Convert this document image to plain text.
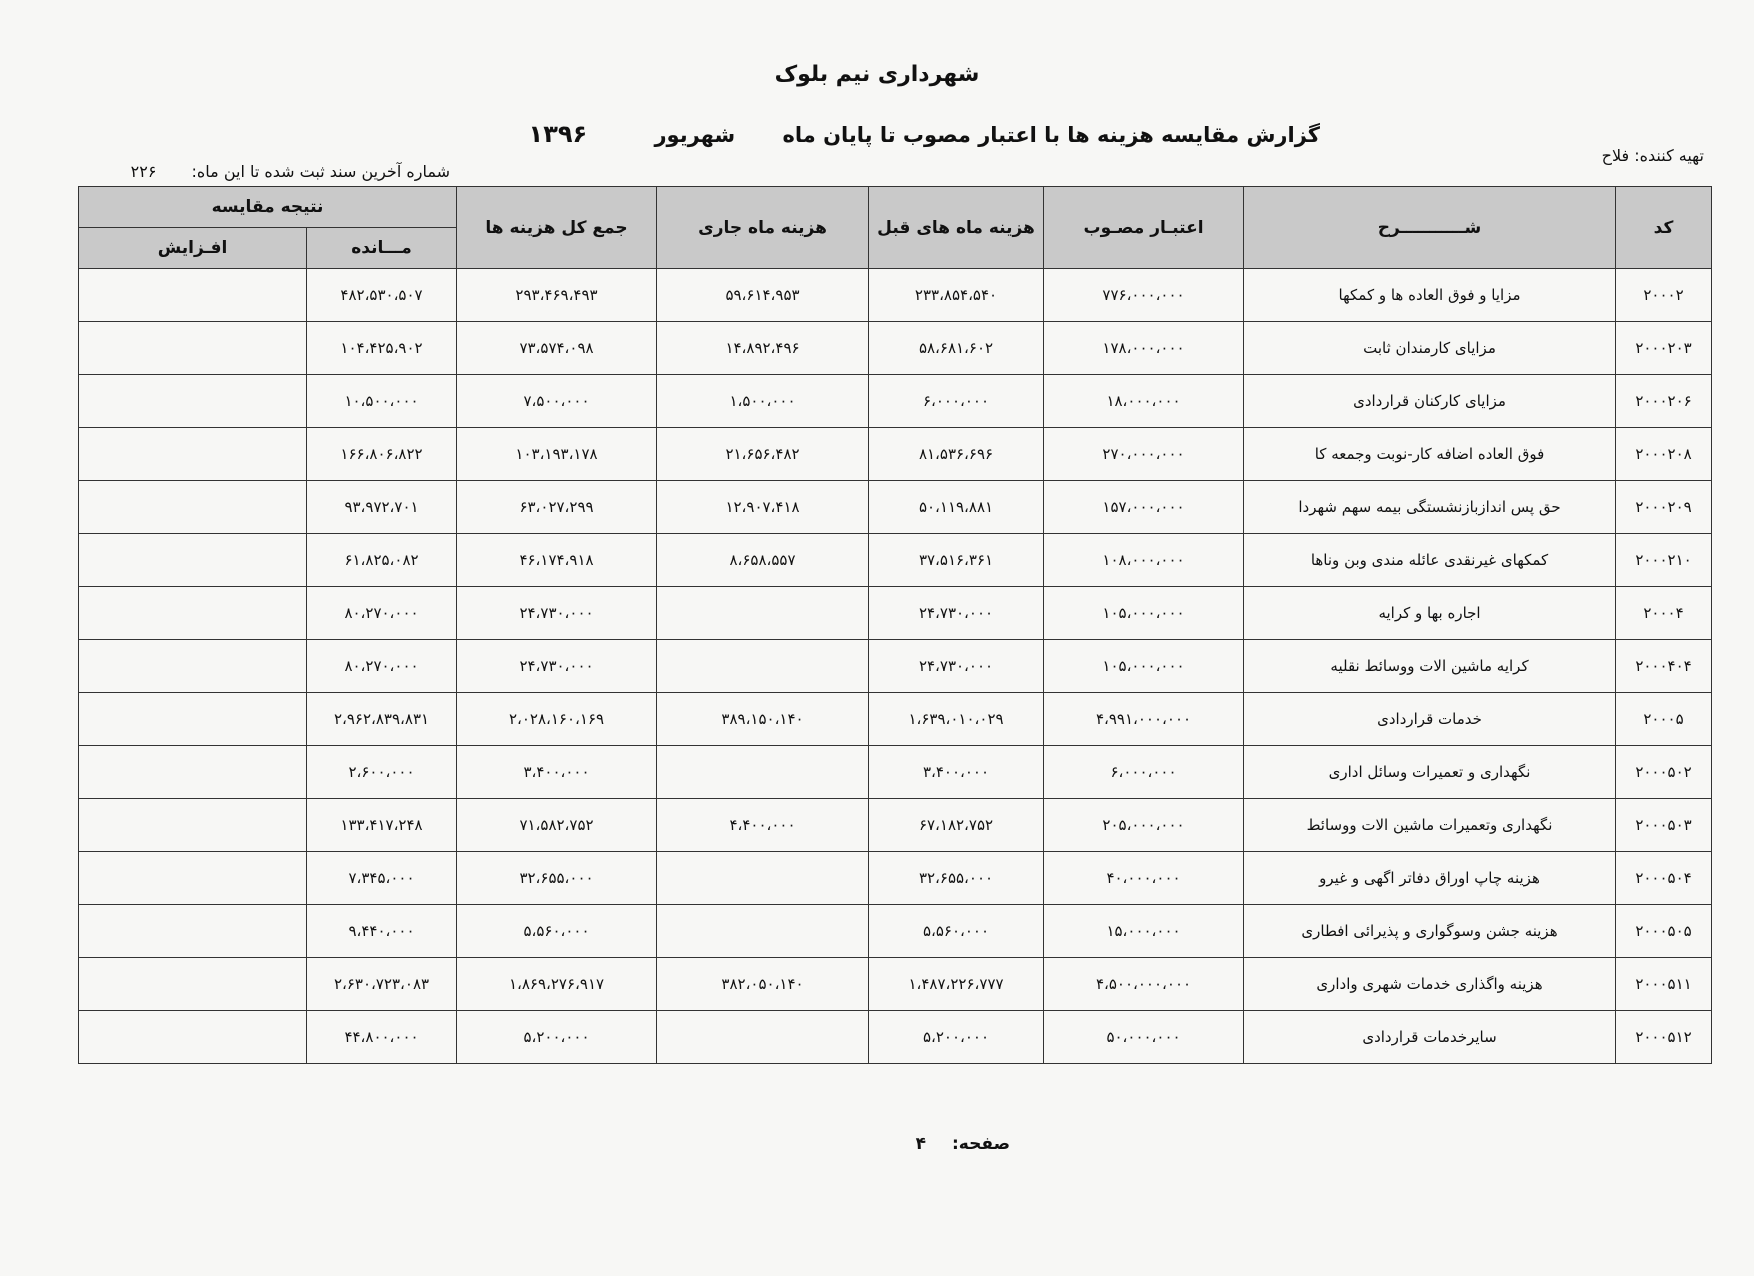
شهرداری نیم بلوک
گزارش مقایسه هزینه ها با اعتبار مصوب تا پایان ماه شهریور ۱۳۹۶
تهیه کننده: فلاح
شماره آخرین سند ثبت شده تا این ماه: ۲۲۶
کد	شـــــــــــرح	اعتبـار مصـوب	هزینه ماه های قبل	هزینه ماه جاری	جمع کل هزینه ها	نتیجه مقایسه	
						مـــانده	افـزایش
۲۰۰۰۲	مزایا و فوق العاده ها و کمکها	۷۷۶،۰۰۰،۰۰۰	۲۳۳،۸۵۴،۵۴۰	۵۹،۶۱۴،۹۵۳	۲۹۳،۴۶۹،۴۹۳	۴۸۲،۵۳۰،۵۰۷	
۲۰۰۰۲۰۳	مزایای کارمندان ثابت	۱۷۸،۰۰۰،۰۰۰	۵۸،۶۸۱،۶۰۲	۱۴،۸۹۲،۴۹۶	۷۳،۵۷۴،۰۹۸	۱۰۴،۴۲۵،۹۰۲	
۲۰۰۰۲۰۶	مزایای کارکنان قراردادی	۱۸،۰۰۰،۰۰۰	۶،۰۰۰،۰۰۰	۱،۵۰۰،۰۰۰	۷،۵۰۰،۰۰۰	۱۰،۵۰۰،۰۰۰	
۲۰۰۰۲۰۸	فوق العاده اضافه کار-نوبت وجمعه کا	۲۷۰،۰۰۰،۰۰۰	۸۱،۵۳۶،۶۹۶	۲۱،۶۵۶،۴۸۲	۱۰۳،۱۹۳،۱۷۸	۱۶۶،۸۰۶،۸۲۲	
۲۰۰۰۲۰۹	حق پس اندازبازنشستگی بیمه سهم شهردا	۱۵۷،۰۰۰،۰۰۰	۵۰،۱۱۹،۸۸۱	۱۲،۹۰۷،۴۱۸	۶۳،۰۲۷،۲۹۹	۹۳،۹۷۲،۷۰۱	
۲۰۰۰۲۱۰	کمکهای غیرنقدی عائله مندی وبن وناها	۱۰۸،۰۰۰،۰۰۰	۳۷،۵۱۶،۳۶۱	۸،۶۵۸،۵۵۷	۴۶،۱۷۴،۹۱۸	۶۱،۸۲۵،۰۸۲	
۲۰۰۰۴	اجاره بها و کرایه	۱۰۵،۰۰۰،۰۰۰	۲۴،۷۳۰،۰۰۰		۲۴،۷۳۰،۰۰۰	۸۰،۲۷۰،۰۰۰	
۲۰۰۰۴۰۴	کرایه ماشین الات ووسائط نقلیه	۱۰۵،۰۰۰،۰۰۰	۲۴،۷۳۰،۰۰۰		۲۴،۷۳۰،۰۰۰	۸۰،۲۷۰،۰۰۰	
۲۰۰۰۵	خدمات قراردادی	۴،۹۹۱،۰۰۰،۰۰۰	۱،۶۳۹،۰۱۰،۰۲۹	۳۸۹،۱۵۰،۱۴۰	۲،۰۲۸،۱۶۰،۱۶۹	۲،۹۶۲،۸۳۹،۸۳۱	
۲۰۰۰۵۰۲	نگهداری و تعمیرات وسائل اداری	۶،۰۰۰،۰۰۰	۳،۴۰۰،۰۰۰		۳،۴۰۰،۰۰۰	۲،۶۰۰،۰۰۰	
۲۰۰۰۵۰۳	نگهداری وتعمیرات ماشین الات ووسائط	۲۰۵،۰۰۰،۰۰۰	۶۷،۱۸۲،۷۵۲	۴،۴۰۰،۰۰۰	۷۱،۵۸۲،۷۵۲	۱۳۳،۴۱۷،۲۴۸	
۲۰۰۰۵۰۴	هزینه چاپ اوراق دفاتر اگهی و غیرو	۴۰،۰۰۰،۰۰۰	۳۲،۶۵۵،۰۰۰		۳۲،۶۵۵،۰۰۰	۷،۳۴۵،۰۰۰	
۲۰۰۰۵۰۵	هزینه جشن وسوگواری و پذیرائی افطاری	۱۵،۰۰۰،۰۰۰	۵،۵۶۰،۰۰۰		۵،۵۶۰،۰۰۰	۹،۴۴۰،۰۰۰	
۲۰۰۰۵۱۱	هزینه واگذاری خدمات شهری واداری	۴،۵۰۰،۰۰۰،۰۰۰	۱،۴۸۷،۲۲۶،۷۷۷	۳۸۲،۰۵۰،۱۴۰	۱،۸۶۹،۲۷۶،۹۱۷	۲،۶۳۰،۷۲۳،۰۸۳	
۲۰۰۰۵۱۲	سایرخدمات قراردادی	۵۰،۰۰۰،۰۰۰	۵،۲۰۰،۰۰۰		۵،۲۰۰،۰۰۰	۴۴،۸۰۰،۰۰۰	
صفحه: ۴
